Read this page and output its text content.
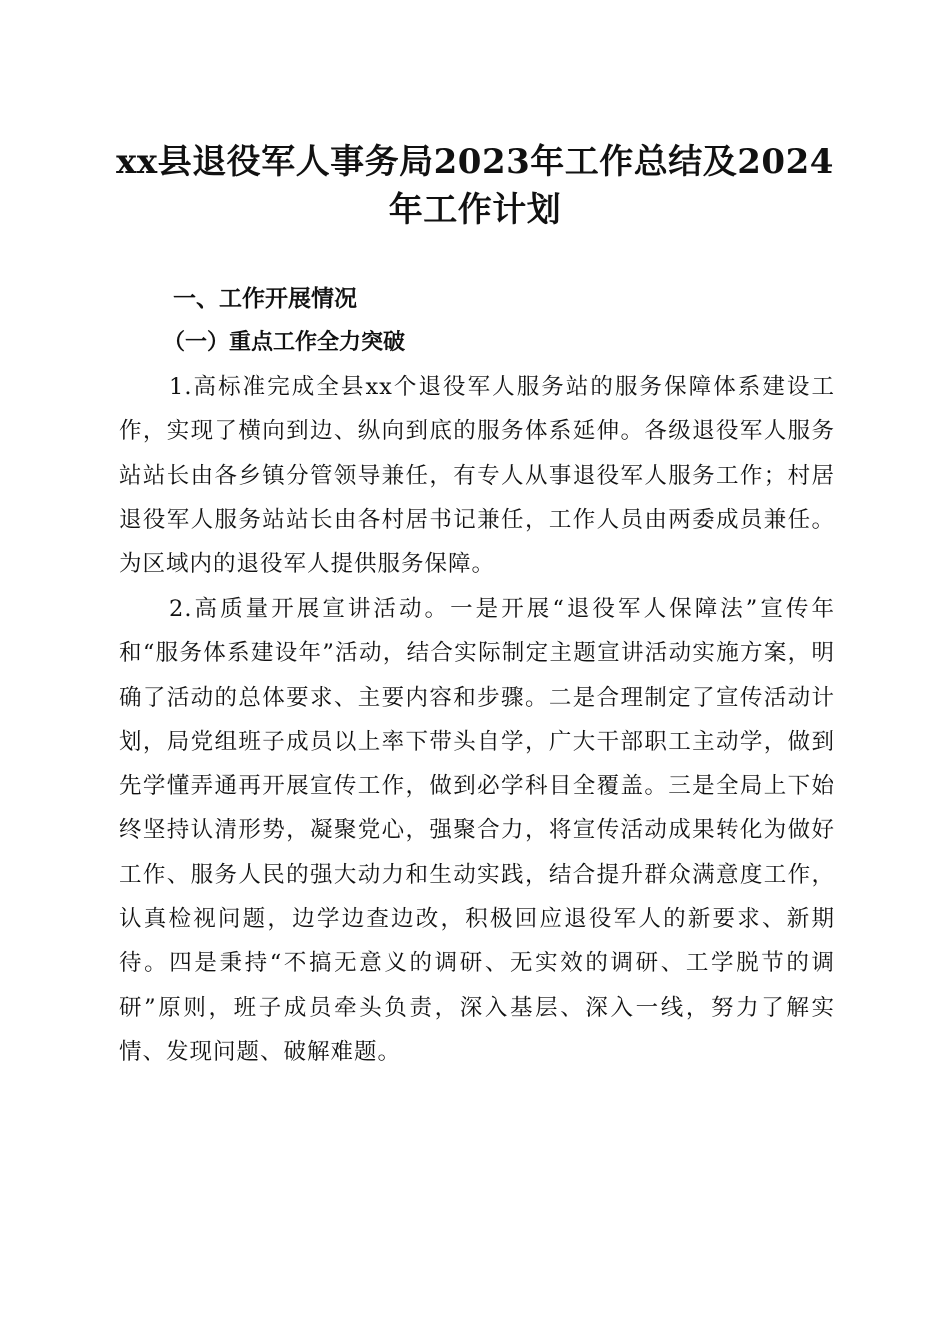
xx县退役军人事务局2023年工作总结及2024
年工作计划
一、工作开展情况
（一）重点工作全力突破

1.高标准完成全县xx个退役军人服务站的服务保障体系建设工作，实现了横向到边、纵向到底的服务体系延伸。各级退役军人服务站站长由各乡镇分管领导兼任，有专人从事退役军人服务工作；村居退役军人服务站站长由各村居书记兼任，工作人员由两委成员兼任。为区域内的退役军人提供服务保障。

2.高质量开展宣讲活动。一是开展“退役军人保障法”宣传年和“服务体系建设年”活动，结合实际制定主题宣讲活动实施方案，明确了活动的总体要求、主要内容和步骤。二是合理制定了宣传活动计划，局党组班子成员以上率下带头自学，广大干部职工主动学，做到先学懂弄通再开展宣传工作，做到必学科目全覆盖。三是全局上下始终坚持认清形势，凝聚党心，强聚合力，将宣传活动成果转化为做好工作、服务人民的强大动力和生动实践，结合提升群众满意度工作，认真检视问题，边学边查边改，积极回应退役军人的新要求、新期待。四是秉持“不搞无意义的调研、无实效的调研、工学脱节的调研”原则，班子成员牵头负责，深入基层、深入一线，努力了解实情、发现问题、破解难题。
